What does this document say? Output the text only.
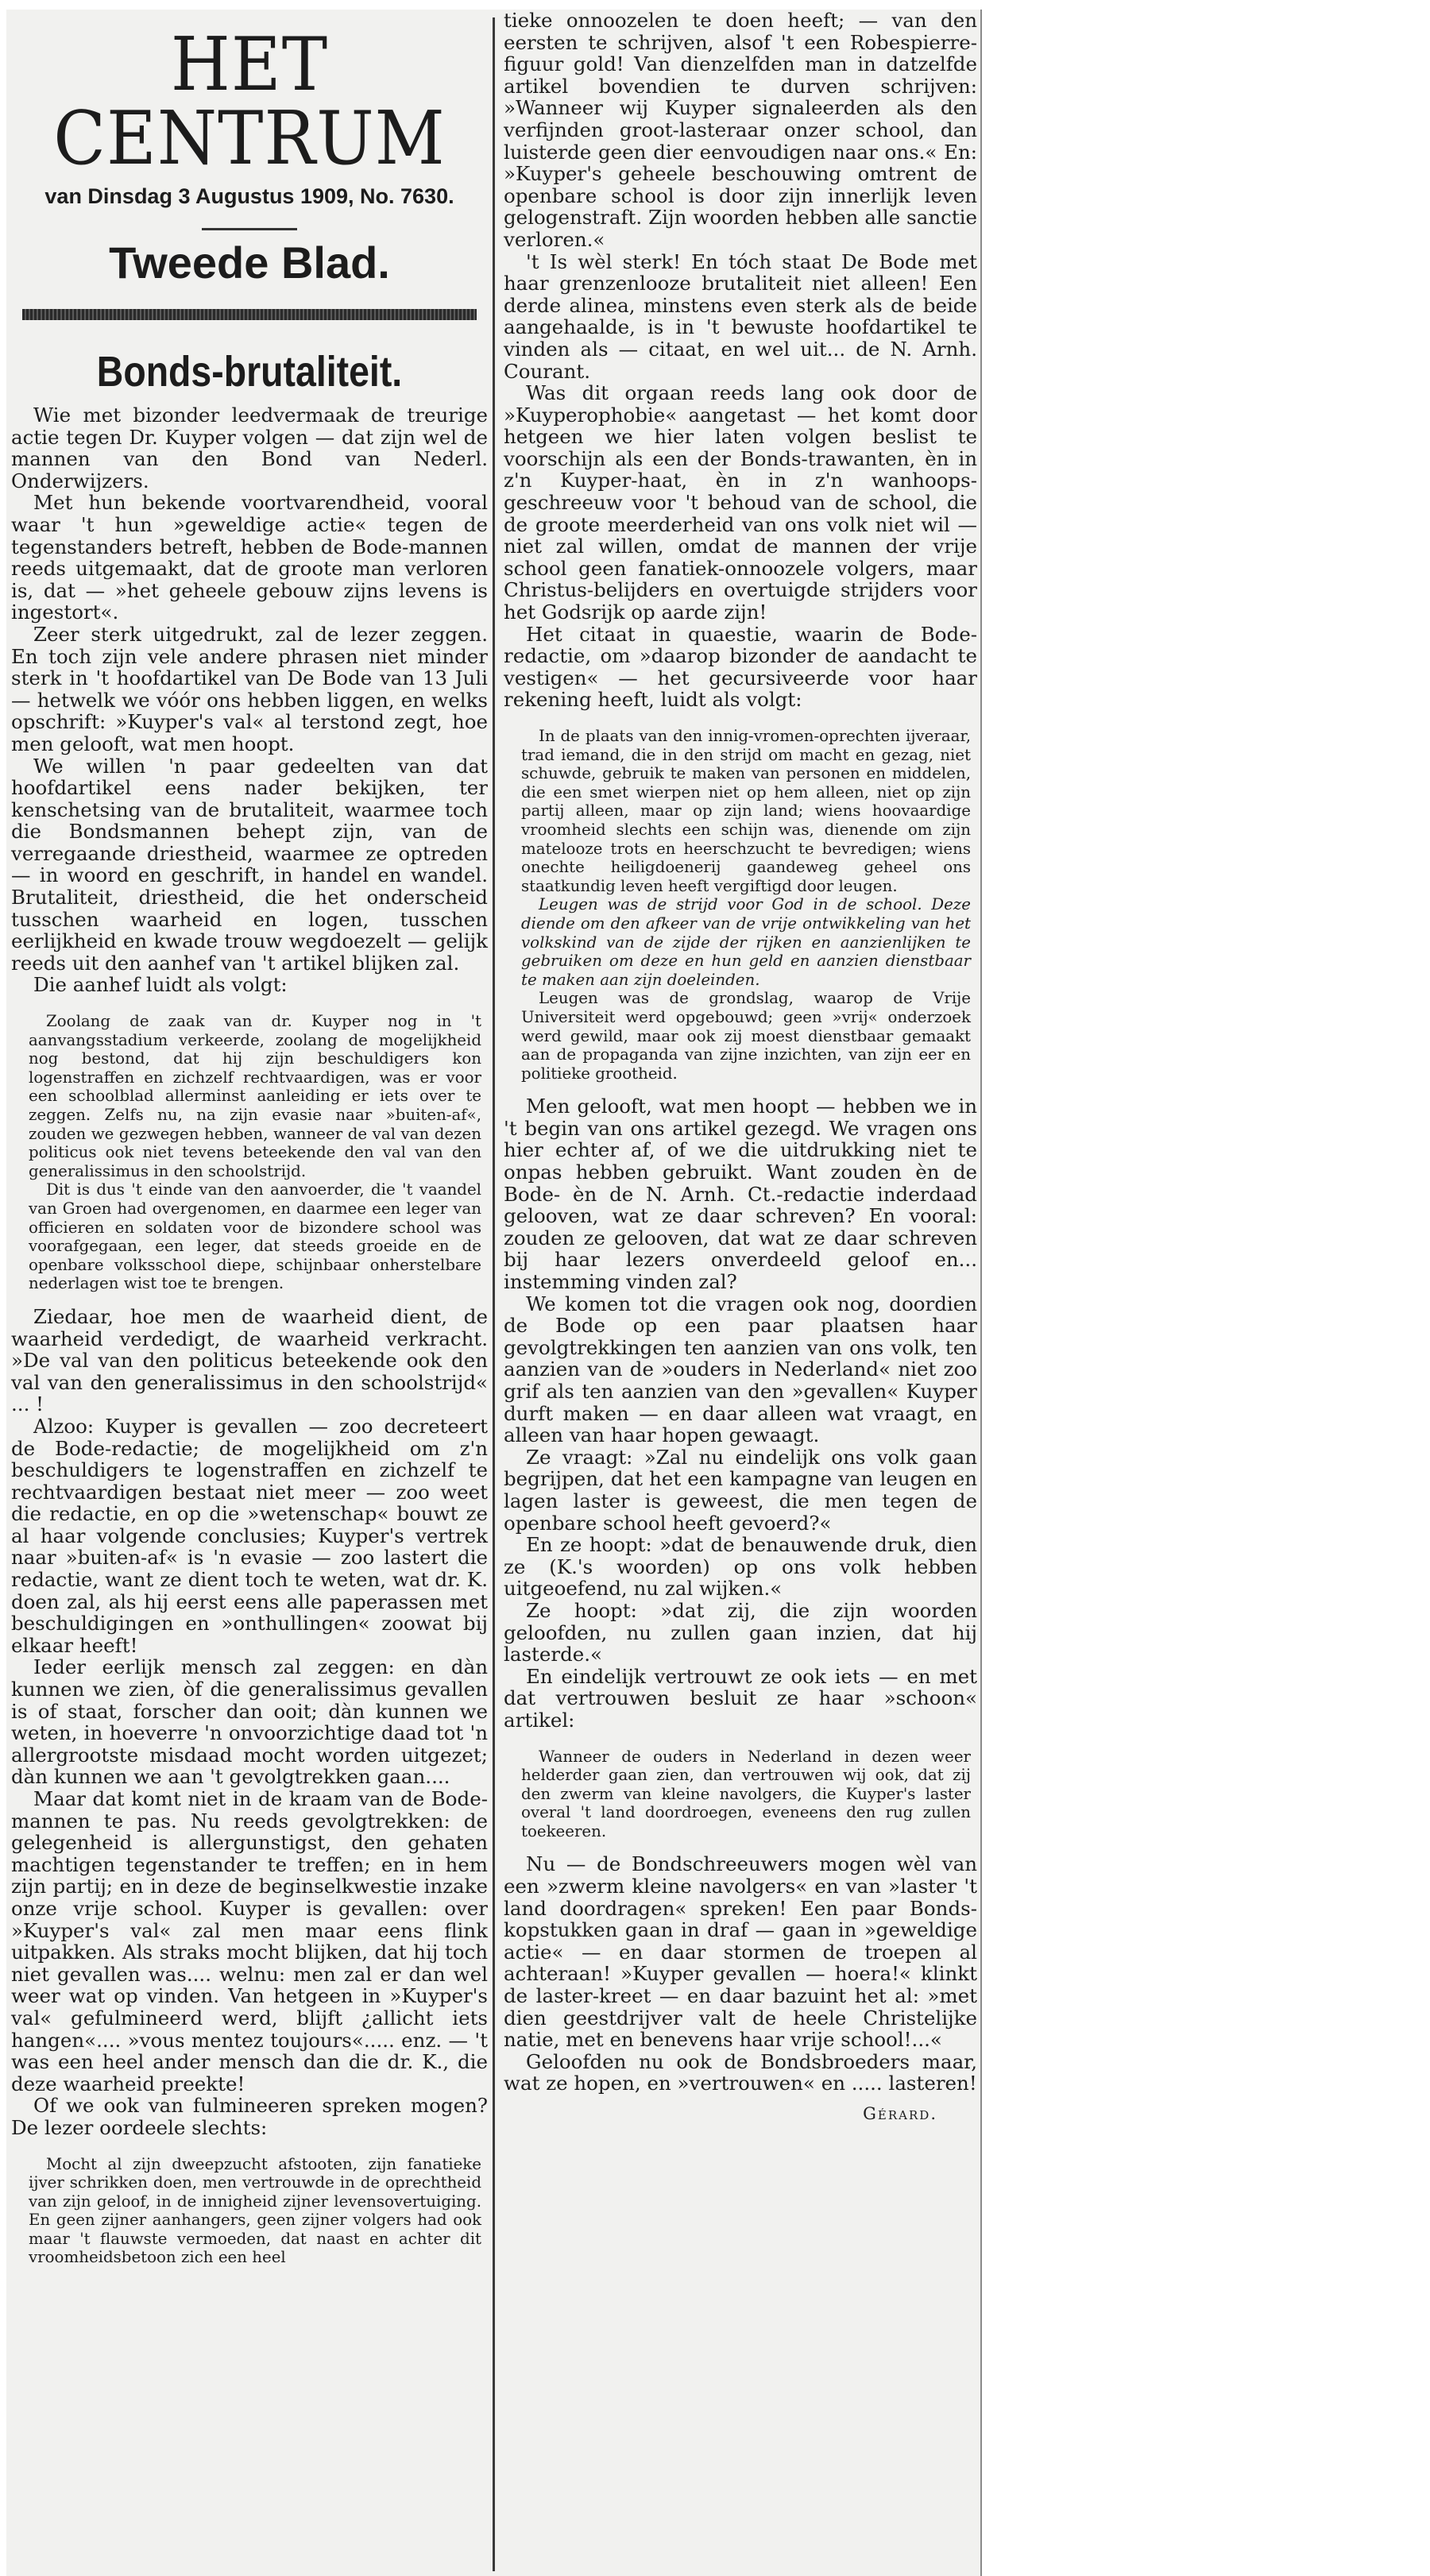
HET CENTRUM
van Dinsdag 3 Augustus 1909, No. 7630.
Tweede Blad.
Bonds-brutaliteit.

Wie met bizonder leedvermaak de treurige actie tegen Dr. Kuyper volgen — dat zijn wel de mannen van den Bond van Nederl. Onderwijzers.

Met hun bekende voortvarendheid, vooral waar 't hun »geweldige actie« tegen de tegenstanders betreft, hebben de Bode-mannen reeds uitgemaakt, dat de groote man verloren is, dat — »het geheele gebouw zijns levens is ingestort«.

Zeer sterk uitgedrukt, zal de lezer zeggen. En toch zijn vele andere phrasen niet minder sterk in 't hoofdartikel van De Bode van 13 Juli — hetwelk we vóór ons hebben liggen, en welks opschrift: »Kuyper's val« al terstond zegt, hoe men gelooft, wat men hoopt.

We willen 'n paar gedeelten van dat hoofdartikel eens nader bekijken, ter kenschetsing van de brutaliteit, waarmee toch die Bondsmannen behept zijn, van de verregaande driestheid, waarmee ze optreden — in woord en geschrift, in handel en wandel. Brutaliteit, driestheid, die het onderscheid tusschen waarheid en logen, tusschen eerlijkheid en kwade trouw wegdoezelt — gelijk reeds uit den aanhef van 't artikel blijken zal.

Die aanhef luidt als volgt:

Zoolang de zaak van dr. Kuyper nog in 't aanvangsstadium verkeerde, zoolang de mogelijkheid nog bestond, dat hij zijn beschuldigers kon logenstraffen en zichzelf rechtvaardigen, was er voor een schoolblad allerminst aanleiding er iets over te zeggen. Zelfs nu, na zijn evasie naar »buiten-af«, zouden we gezwegen hebben, wanneer de val van dezen politicus ook niet tevens beteekende den val van den generalissimus in den schoolstrijd.

Dit is dus 't einde van den aanvoerder, die 't vaandel van Groen had overgenomen, en daarmee een leger van officieren en soldaten voor de bizondere school was voorafgegaan, een leger, dat steeds groeide en de openbare volksschool diepe, schijnbaar onherstelbare nederlagen wist toe te brengen.

Ziedaar, hoe men de waarheid dient, de waarheid verdedigt, de waarheid verkracht. »De val van den politicus beteekende ook den val van den generalissimus in den schoolstrijd« ... !

Alzoo: Kuyper is gevallen — zoo decreteert de Bode-redactie; de mogelijkheid om z'n beschuldigers te logenstraffen en zichzelf te rechtvaardigen bestaat niet meer — zoo weet die redactie, en op die »wetenschap« bouwt ze al haar volgende conclusies; Kuyper's vertrek naar »buiten-af« is 'n evasie — zoo lastert die redactie, want ze dient toch te weten, wat dr. K. doen zal, als hij eerst eens alle paperassen met beschuldigingen en »onthullingen« zoowat bij elkaar heeft!

Ieder eerlijk mensch zal zeggen: en dàn kunnen we zien, òf die generalissimus gevallen is of staat, forscher dan ooit; dàn kunnen we weten, in hoeverre 'n onvoorzichtige daad tot 'n allergrootste misdaad mocht worden uitgezet; dàn kunnen we aan 't gevolgtrekken gaan....

Maar dat komt niet in de kraam van de Bode-mannen te pas. Nu reeds gevolgtrekken: de gelegenheid is allergunstigst, den gehaten machtigen tegenstander te treffen; en in hem zijn partij; en in deze de beginselkwestie inzake onze vrije school. Kuyper is gevallen: over »Kuyper's val« zal men maar eens flink uitpakken. Als straks mocht blijken, dat hij toch niet gevallen was.... welnu: men zal er dan wel weer wat op vinden. Van hetgeen in »Kuyper's val« gefulmineerd werd, blijft ¿allicht iets hangen«.... »vous mentez toujours«..... enz. — 't was een heel ander mensch dan die dr. K., die deze waarheid preekte!

Of we ook van fulmineeren spreken mogen? De lezer oordeele slechts:

Mocht al zijn dweepzucht afstooten, zijn fanatieke ijver schrikken doen, men vertrouwde in de oprechtheid van zijn geloof, in de innigheid zijner levensovertuiging. En geen zijner aanhangers, geen zijner volgers had ook maar 't flauwste vermoeden, dat naast en achter dit vroomheidsbetoon zich een heel

tieke onnoozelen te doen heeft; — van den eersten te schrijven, alsof 't een Robespierre-figuur gold! Van dienzelfden man in datzelfde artikel bovendien te durven schrijven: »Wanneer wij Kuyper signaleerden als den verfijnden groot-lasteraar onzer school, dan luisterde geen dier eenvoudigen naar ons.« En: »Kuyper's geheele beschouwing omtrent de openbare school is door zijn innerlijk leven gelogenstraft. Zijn woorden hebben alle sanctie verloren.«

't Is wèl sterk! En tóch staat De Bode met haar grenzenlooze brutaliteit niet alleen! Een derde alinea, minstens even sterk als de beide aangehaalde, is in 't bewuste hoofdartikel te vinden als — citaat, en wel uit... de N. Arnh. Courant.

Was dit orgaan reeds lang ook door de »Kuyperophobie« aangetast — het komt door hetgeen we hier laten volgen beslist te voorschijn als een der Bonds-trawanten, èn in z'n Kuyper-haat, èn in z'n wanhoops-geschreeuw voor 't behoud van de school, die de groote meerderheid van ons volk niet wil — niet zal willen, omdat de mannen der vrije school geen fanatiek-onnoozele volgers, maar Christus-belijders en overtuigde strijders voor het Godsrijk op aarde zijn!

Het citaat in quaestie, waarin de Bode-redactie, om »daarop bizonder de aandacht te vestigen« — het gecursiveerde voor haar rekening heeft, luidt als volgt:

In de plaats van den innig-vromen-oprechten ijveraar, trad iemand, die in den strijd om macht en gezag, niet schuwde, gebruik te maken van personen en middelen, die een smet wierpen niet op hem alleen, niet op zijn partij alleen, maar op zijn land; wiens hoovaardige vroomheid slechts een schijn was, dienende om zijn matelooze trots en heerschzucht te bevredigen; wiens onechte heiligdoenerij gaandeweg geheel ons staatkundig leven heeft vergiftigd door leugen.

Leugen was de strijd voor God in de school. Deze diende om den afkeer van de vrije ontwikkeling van het volkskind van de zijde der rijken en aanzienlijken te gebruiken om deze en hun geld en aanzien dienstbaar te maken aan zijn doeleinden.

Leugen was de grondslag, waarop de Vrije Universiteit werd opgebouwd; geen »vrij« onderzoek werd gewild, maar ook zij moest dienstbaar gemaakt aan de propaganda van zijne inzichten, van zijn eer en politieke grootheid.

Men gelooft, wat men hoopt — hebben we in 't begin van ons artikel gezegd. We vragen ons hier echter af, of we die uitdrukking niet te onpas hebben gebruikt. Want zouden èn de Bode- èn de N. Arnh. Ct.-redactie inderdaad gelooven, wat ze daar schreven? En vooral: zouden ze gelooven, dat wat ze daar schreven bij haar lezers onverdeeld geloof en... instemming vinden zal?

We komen tot die vragen ook nog, doordien de Bode op een paar plaatsen haar gevolgtrekkingen ten aanzien van ons volk, ten aanzien van de »ouders in Nederland« niet zoo grif als ten aanzien van den »gevallen« Kuyper durft maken — en daar alleen wat vraagt, en alleen van haar hopen gewaagt.

Ze vraagt: »Zal nu eindelijk ons volk gaan begrijpen, dat het een kampagne van leugen en lagen laster is geweest, die men tegen de openbare school heeft gevoerd?«

En ze hoopt: »dat de benauwende druk, dien ze (K.'s woorden) op ons volk hebben uitgeoefend, nu zal wijken.«

Ze hoopt: »dat zij, die zijn woorden geloofden, nu zullen gaan inzien, dat hij lasterde.«

En eindelijk vertrouwt ze ook iets — en met dat vertrouwen besluit ze haar »schoon« artikel:

Wanneer de ouders in Nederland in dezen weer helderder gaan zien, dan vertrouwen wij ook, dat zij den zwerm van kleine navolgers, die Kuyper's laster overal 't land doordroegen, eveneens den rug zullen toekeeren.

Nu — de Bondschreeuwers mogen wèl van een »zwerm kleine navolgers« en van »laster 't land doordragen« spreken! Een paar Bonds-kopstukken gaan in draf — gaan in »geweldige actie« — en daar stormen de troepen al achteraan! »Kuyper gevallen — hoera!« klinkt de laster-kreet — en daar bazuint het al: »met dien geestdrijver valt de heele Christelijke natie, met en benevens haar vrije school!...«

Geloofden nu ook de Bondsbroeders maar, wat ze hopen, en »vertrouwen« en ..... lasteren!

Gérard.
